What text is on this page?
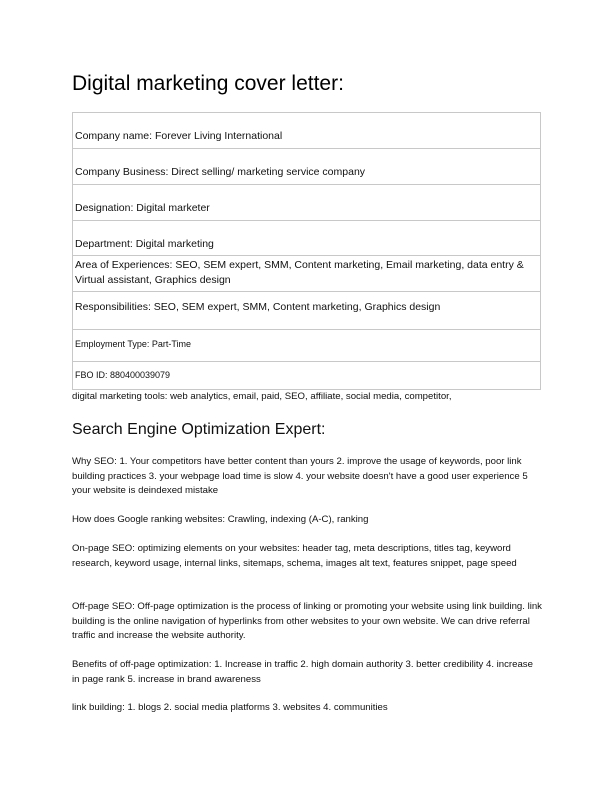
Digital marketing cover letter:
Company name: Forever Living International
Company Business: Direct selling/ marketing service company
Designation: Digital marketer
Department: Digital marketing
Area of Experiences: SEO, SEM expert, SMM, Content marketing, Email marketing, data entry & Virtual assistant, Graphics design
Responsibilities: SEO, SEM expert, SMM, Content marketing, Graphics design
Employment Type: Part-Time
FBO ID: 880400039079

digital marketing tools: web analytics, email, paid, SEO, affiliate, social media, competitor,

Search Engine Optimization Expert:

Why SEO: 1. Your competitors have better content than yours 2. improve the usage of keywords, poor link building practices 3. your webpage load time is slow 4. your website doesn't have a good user experience 5 your website is deindexed mistake

How does Google ranking websites: Crawling, indexing (A-C), ranking

On-page SEO: optimizing elements on your websites: header tag, meta descriptions, titles tag, keyword research, keyword usage, internal links, sitemaps, schema, images alt text, features snippet, page speed

Off-page SEO: Off-page optimization is the process of linking or promoting your website using link building. link building is the online navigation of hyperlinks from other websites to your own website. We can drive referral traffic and increase the website authority.

Benefits of off-page optimization: 1. Increase in traffic 2. high domain authority 3. better credibility 4. increase in page rank 5. increase in brand awareness

link building: 1. blogs 2. social media platforms 3. websites 4. communities
